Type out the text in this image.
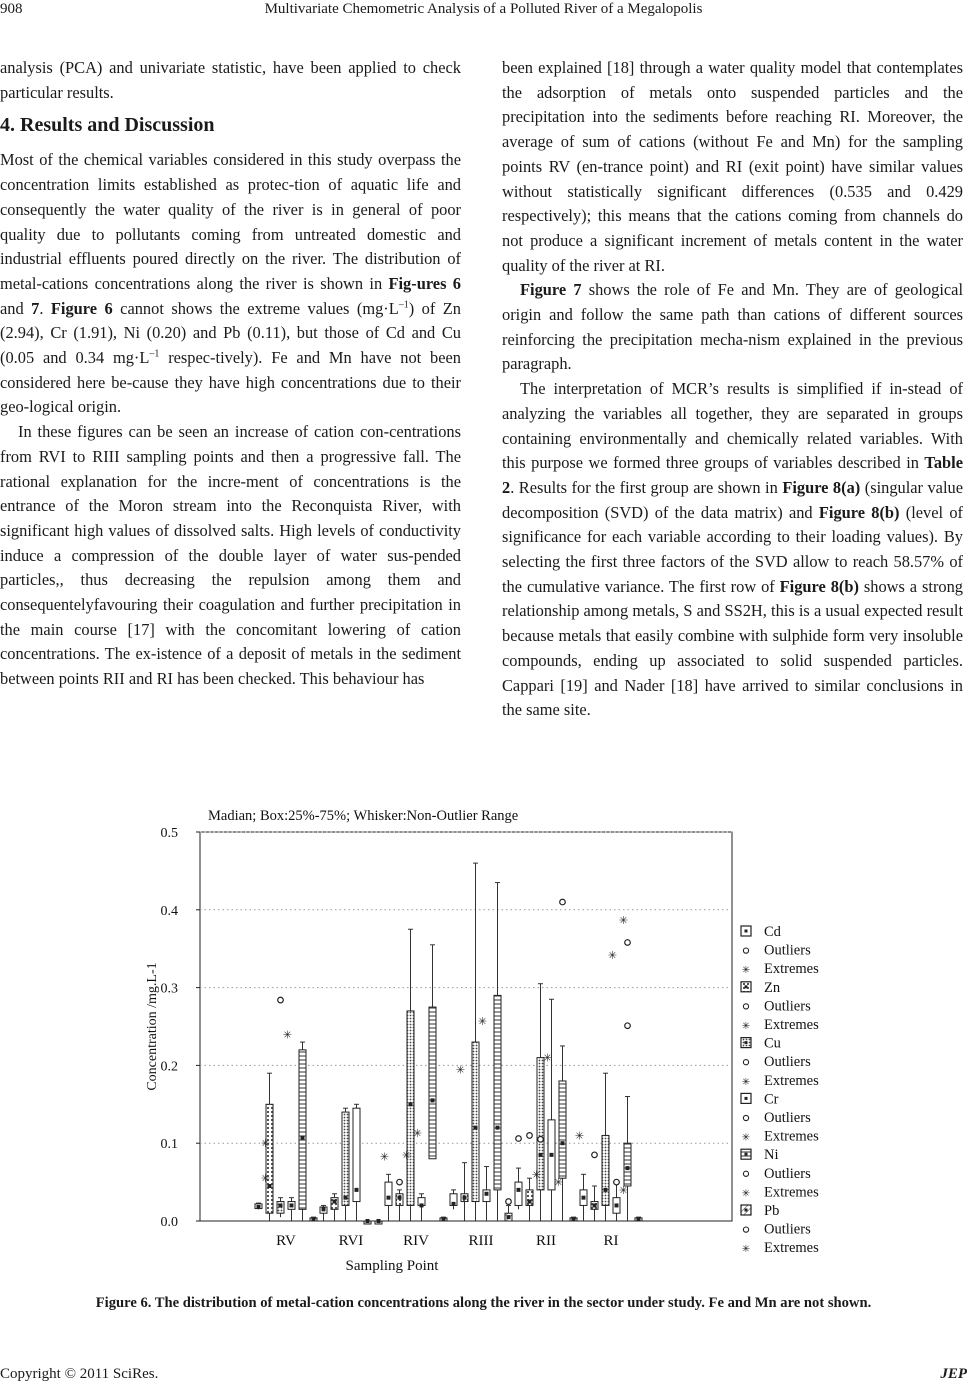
908	Multivariate Chemometric Analysis of a Polluted River of a Megalopolis

analysis (PCA) and univariate statistic, have been applied to check particular results.

4. Results and Discussion

Most of the chemical variables considered in this study overpass the concentration limits established as protec-tion of aquatic life and consequently the water quality of the river is in general of poor quality due to pollutants coming from untreated domestic and industrial effluents poured directly on the river. The distribution of metal-cations concentrations along the river is shown in Fig-ures 6 and 7. Figure 6 cannot shows the extreme values $(mg\cdot L^{-1})$ of Zn (2.94), Cr (1.91), Ni (0.20) and Pb (0.11), but those of Cd and Cu (0.05 and 0.34 $mg\cdot L^{-1}$ respec-tively). Fe and Mn have not been considered here be-cause they have high concentrations due to their geo-logical origin.

In these figures can be seen an increase of cation con-centrations from RVI to RIII sampling points and then a progressive fall. The rational explanation for the incre-ment of concentrations is the entrance of the Moron stream into the Reconquista River, with significant high values of dissolved salts. High levels of conductivity induce a compression of the double layer of water sus-pended particles,, thus decreasing the repulsion among them and consequentelyfavouring their coagulation and further precipitation in the main course [17] with the concomitant lowering of cation concentrations. The ex-istence of a deposit of metals in the sediment between points RII and RI has been checked. This behaviour has

been explained [18] through a water quality model that contemplates the adsorption of metals onto suspended particles and the precipitation into the sediments before reaching RI. Moreover, the average of sum of cations (without Fe and Mn) for the sampling points RV (en-trance point) and RI (exit point) have similar values without statistically significant differences (0.535 and 0.429 respectively); this means that the cations coming from channels do not produce a significant increment of metals content in the water quality of the river at RI.

Figure 7 shows the role of Fe and Mn. They are of geological origin and follow the same path than cations of different sources reinforcing the precipitation mecha-nism explained in the previous paragraph.

The interpretation of MCR’s results is simplified if in-stead of analyzing the variables all together, they are separated in groups containing environmentally and chemically related variables. With this purpose we formed three groups of variables described in Table 2. Results for the first group are shown in Figure 8(a) (singular value decomposition (SVD) of the data matrix) and Figure 8(b) (level of significance for each variable according to their loading values). By selecting the first three factors of the SVD allow to reach 58.57% of the cumulative variance. The first row of Figure 8(b) shows a strong relationship among metals, S and SS2H, this is a usual expected result because metals that easily combine with sulphide form very insoluble compounds, ending up associated to solid suspended particles. Cappari [19] and Nader [18] have arrived to similar conclusions in the same site.

0.0
0.1
0.2
0.3
0.4
0.5
Madian; Box:25%-75%; Whisker:Non-Outlier Range
Sampling Point
Concentration /mg.L-1
RV
✳
✳
✳
RVI	RIV
✳ ✳
✳
RIII
✳
✳
RII
✳
✳
✳
RI
✳
✳
✳
✳
Cd
Outliers
✳ Extremes
Zn
Outliers
✳ Extremes
Cu
Outliers
✳ Extremes
Cr
Outliers
✳ Extremes
Ni
Outliers
✳ Extremes
Pb
Outliers
✳ Extremes
Figure 6. The distribution of metal-cation concentrations along the river in the sector under study. Fe and Mn are not shown.
Copyright © 2011 SciRes.	JEP
